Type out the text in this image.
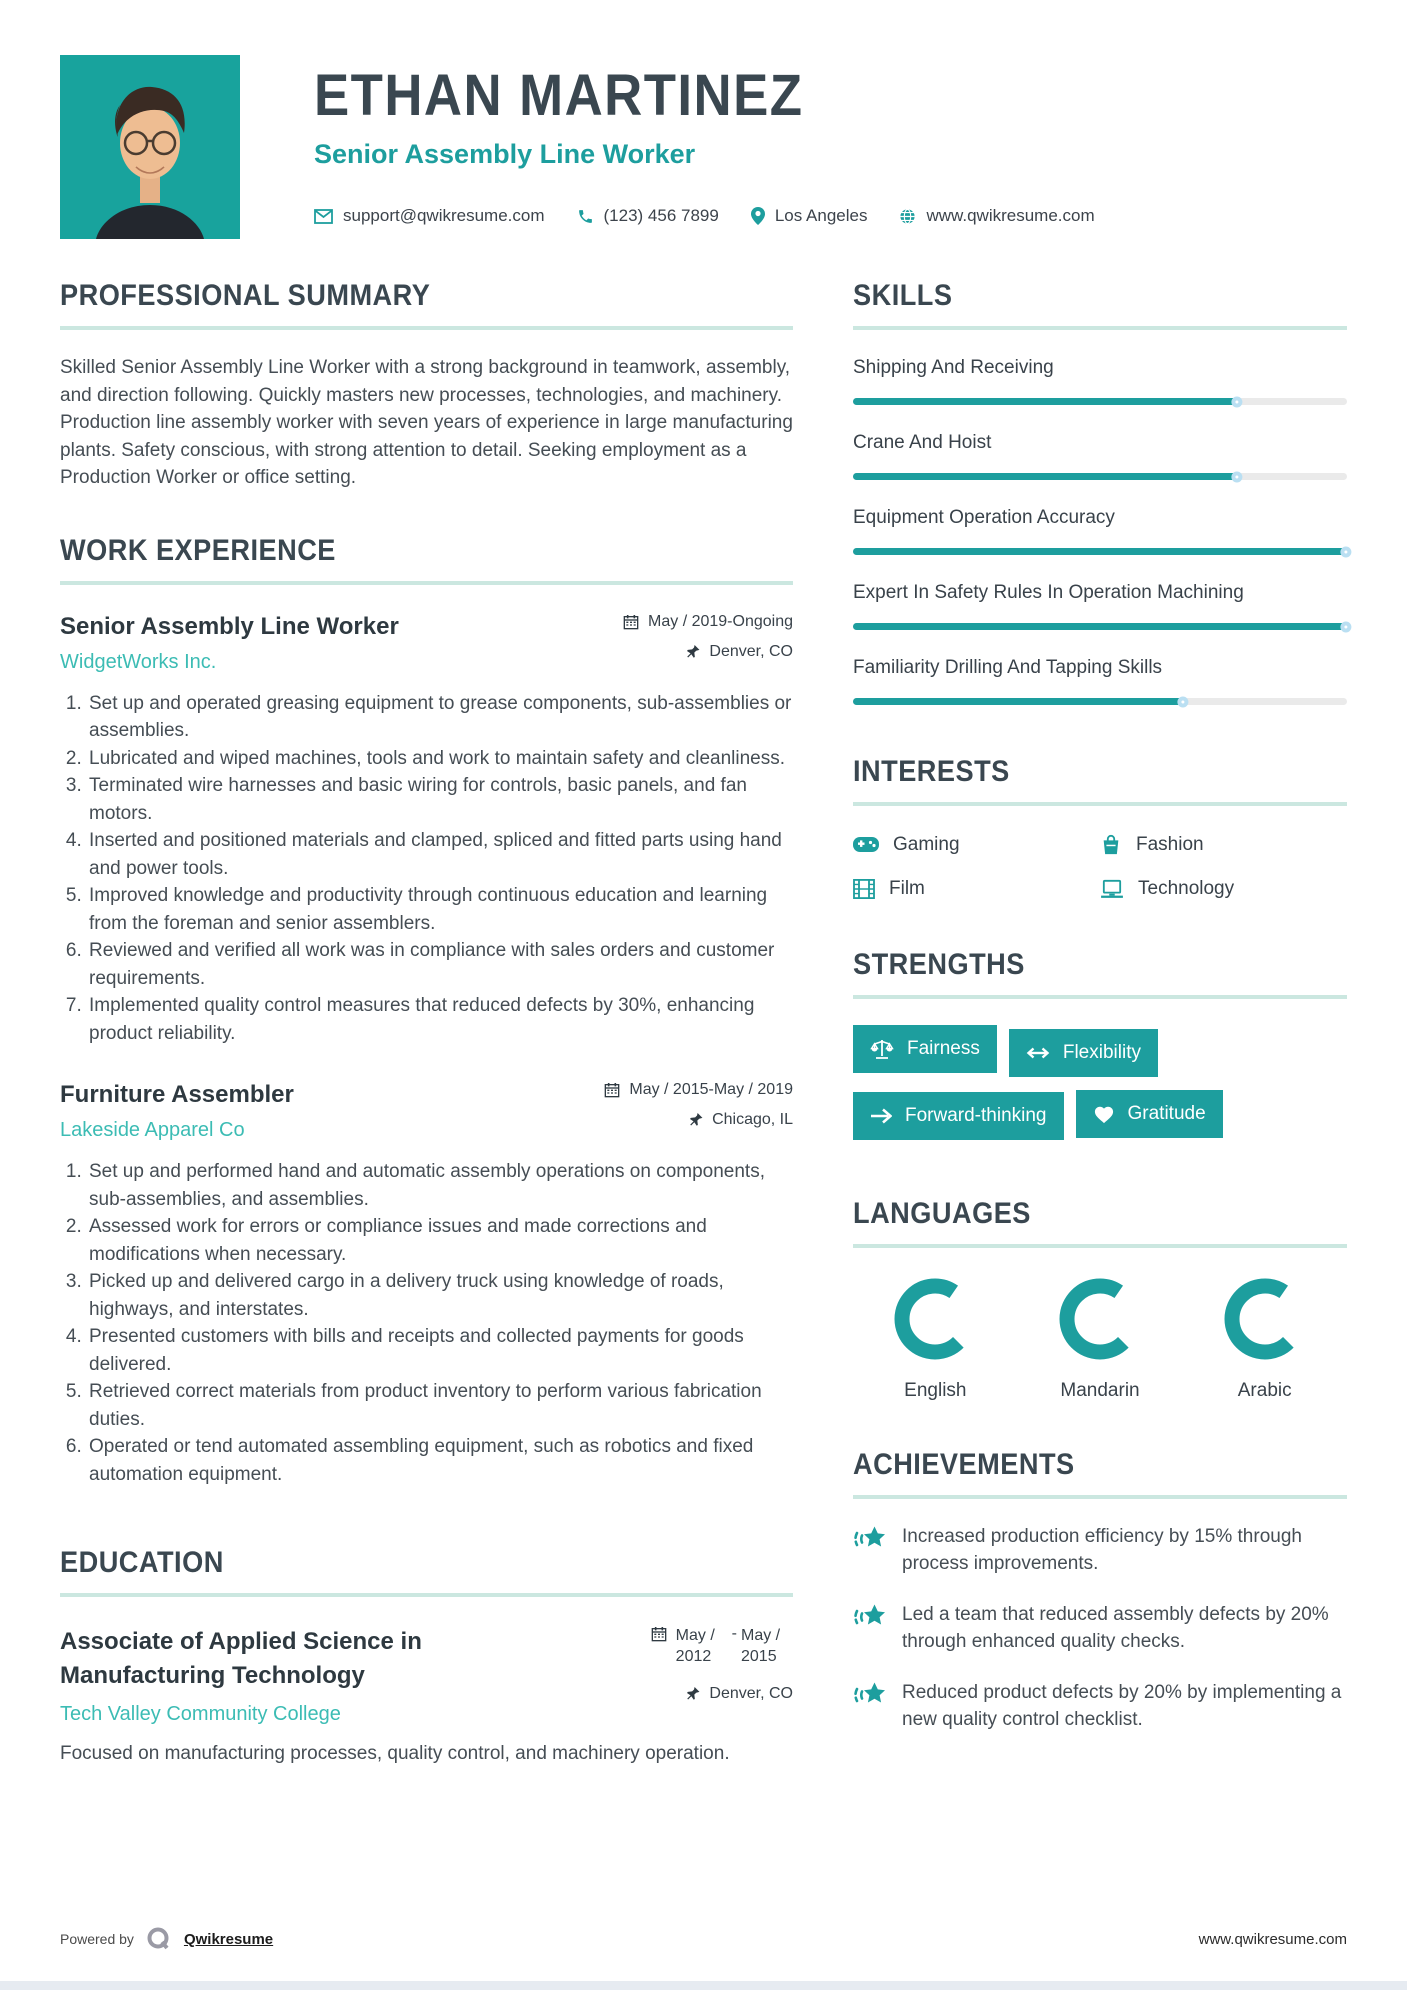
ETHAN MARTINEZ
Senior Assembly Line Worker
support@qwikresume.com	(123) 456 7899	Los Angeles	www.qwikresume.com
PROFESSIONAL SUMMARY

Skilled Senior Assembly Line Worker with a strong background in teamwork, assembly, and direction following. Quickly masters new processes, technologies, and machinery. Production line assembly worker with seven years of experience in large manufacturing plants. Safety conscious, with strong attention to detail. Seeking employment as a Production Worker or office setting.

WORK EXPERIENCE
Senior Assembly Line Worker
WidgetWorks Inc.
May / 2019-Ongoing
Denver, CO
1. Set up and operated greasing equipment to grease components, sub-assemblies or assemblies.
2. Lubricated and wiped machines, tools and work to maintain safety and cleanliness.
3. Terminated wire harnesses and basic wiring for controls, basic panels, and fan motors.
4. Inserted and positioned materials and clamped, spliced and fitted parts using hand and power tools.
5. Improved knowledge and productivity through continuous education and learning from the foreman and senior assemblers.
6. Reviewed and verified all work was in compliance with sales orders and customer requirements.
7. Implemented quality control measures that reduced defects by 30%, enhancing product reliability.
Furniture Assembler
Lakeside Apparel Co
May / 2015-May / 2019
Chicago, IL
1. Set up and performed hand and automatic assembly operations on components, sub-assemblies, and assemblies.
2. Assessed work for errors or compliance issues and made corrections and modifications when necessary.
3. Picked up and delivered cargo in a delivery truck using knowledge of roads, highways, and interstates.
4. Presented customers with bills and receipts and collected payments for goods delivered.
5. Retrieved correct materials from product inventory to perform various fabrication duties.
6. Operated or tend automated assembling equipment, such as robotics and fixed automation equipment.
EDUCATION
Associate of Applied Science in Manufacturing Technology
Tech Valley Community College
May / 2012
- May / 2015
Denver, CO

Focused on manufacturing processes, quality control, and machinery operation.

SKILLS
Shipping And Receiving
Crane And Hoist
Equipment Operation Accuracy
Expert In Safety Rules In Operation Machining
Familiarity Drilling And Tapping Skills
INTERESTS
Gaming	Fashion
Film	Technology
STRENGTHS
Fairness	Flexibility

Forward-thinking	Gratitude
LANGUAGES
English	Mandarin	Arabic
ACHIEVEMENTS
Increased production efficiency by 15% through process improvements.
Led a team that reduced assembly defects by 20% through enhanced quality checks.
Reduced product defects by 20% by implementing a new quality control checklist.
Powered by	Qwikresume	www.qwikresume.com
